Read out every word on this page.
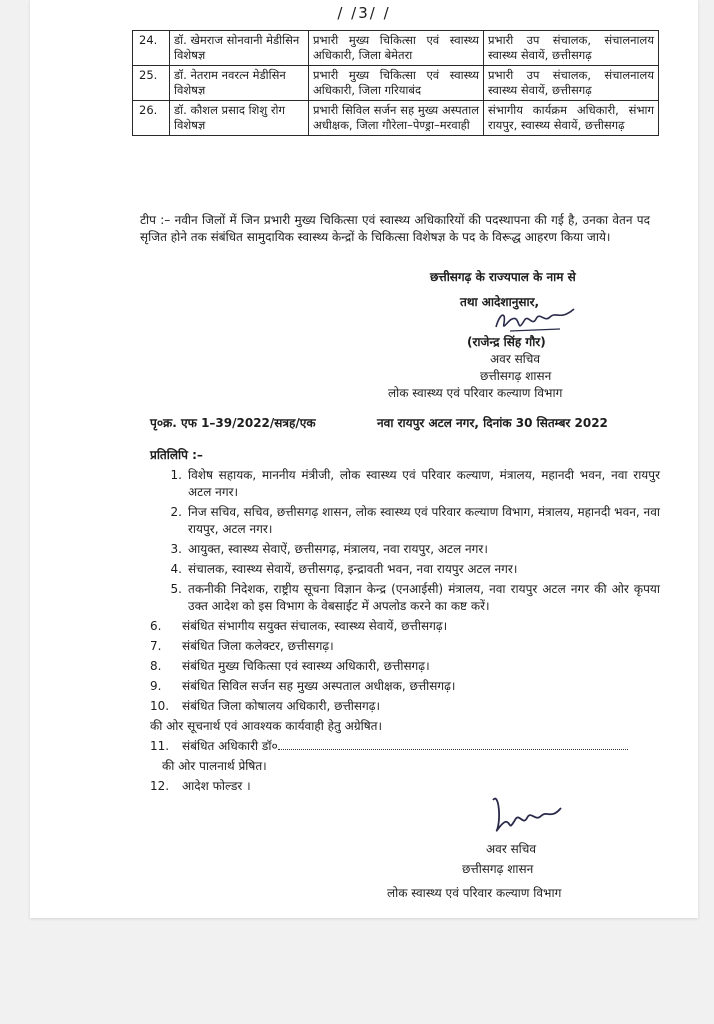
/ /3/ /
24.	डॉ. खेमराज सोनवानी मेडीसिन विशेषज्ञ	प्रभारी मुख्य चिकित्सा एवं स्वास्थ्य अधिकारी, जिला बेमेतरा	प्रभारी उप संचालक, संचालनालय स्वास्थ्य सेवायें, छत्तीसगढ़
25.	डॉ. नेतराम नवरत्न मेडीसिन विशेषज्ञ	प्रभारी मुख्य चिकित्सा एवं स्वास्थ्य अधिकारी, जिला गरियाबंद	प्रभारी उप संचालक, संचालनालय स्वास्थ्य सेवायें, छत्तीसगढ़
26.	डॉ. कौशल प्रसाद शिशु रोग विशेषज्ञ	प्रभारी सिविल सर्जन सह मुख्य अस्पताल अधीक्षक, जिला गौरेला–पेण्ड्रा–मरवाही	संभागीय कार्यक्रम अधिकारी, संभाग रायपुर, स्वास्थ्य सेवायें, छत्तीसगढ़
टीप :– नवीन जिलों में जिन प्रभारी मुख्य चिकित्सा एवं स्वास्थ्य अधिकारियों की पदस्थापना की गई है, उनका वेतन पद सृजित होने तक संबंधित सामुदायिक स्वास्थ्य केन्द्रों के चिकित्सा विशेषज्ञ के पद के विरूद्ध आहरण किया जाये।
छत्तीसगढ़ के राज्यपाल के नाम से
तथा आदेशानुसार,
(राजेन्द्र सिंह गौर)
अवर सचिव
छत्तीसगढ़ शासन
लोक स्वास्थ्य एवं परिवार कल्याण विभाग
पृ०क्र. एफ 1–39/2022/सत्रह/एक	नवा रायपुर अटल नगर, दिनांक 30 सितम्बर 2022
प्रतिलिपि :–
1. विशेष सहायक, माननीय मंत्रीजी, लोक स्वास्थ्य एवं परिवार कल्याण, मंत्रालय, महानदी भवन, नवा रायपुर अटल नगर।
2. निज सचिव, सचिव, छत्तीसगढ़ शासन, लोक स्वास्थ्य एवं परिवार कल्याण विभाग, मंत्रालय, महानदी भवन, नवा रायपुर, अटल नगर।
3. आयुक्त, स्वास्थ्य सेवाऐं, छत्तीसगढ़, मंत्रालय, नवा रायपुर, अटल नगर।
4. संचालक, स्वास्थ्य सेवायें, छत्तीसगढ़, इन्द्रावती भवन, नवा रायपुर अटल नगर।
5. तकनीकी निदेशक, राष्ट्रीय सूचना विज्ञान केन्द्र (एनआईसी) मंत्रालय, नवा रायपुर अटल नगर की ओर कृपया उक्त आदेश को इस विभाग के वेबसाईट में अपलोड करने का कष्ट करें।
6.	संबंधित संभागीय सयुक्त संचालक, स्वास्थ्य सेवायें, छत्तीसगढ़।
7.	संबंधित जिला कलेक्टर, छत्तीसगढ़।
8.	संबंधित मुख्य चिकित्सा एवं स्वास्थ्य अधिकारी, छत्तीसगढ़।
9.	संबंधित सिविल सर्जन सह मुख्य अस्पताल अधीक्षक, छत्तीसगढ़।
10.	संबंधित जिला कोषालय अधिकारी, छत्तीसगढ़।
की ओर सूचनार्थ एवं आवश्यक कार्यवाही हेतु अग्रेषित।
11.	संबंधित अधिकारी डॉ०
की ओर पालनार्थ प्रेषित।
12.	आदेश फोल्डर ।
अवर सचिव
छत्तीसगढ़ शासन
लोक स्वास्थ्य एवं परिवार कल्याण विभाग
